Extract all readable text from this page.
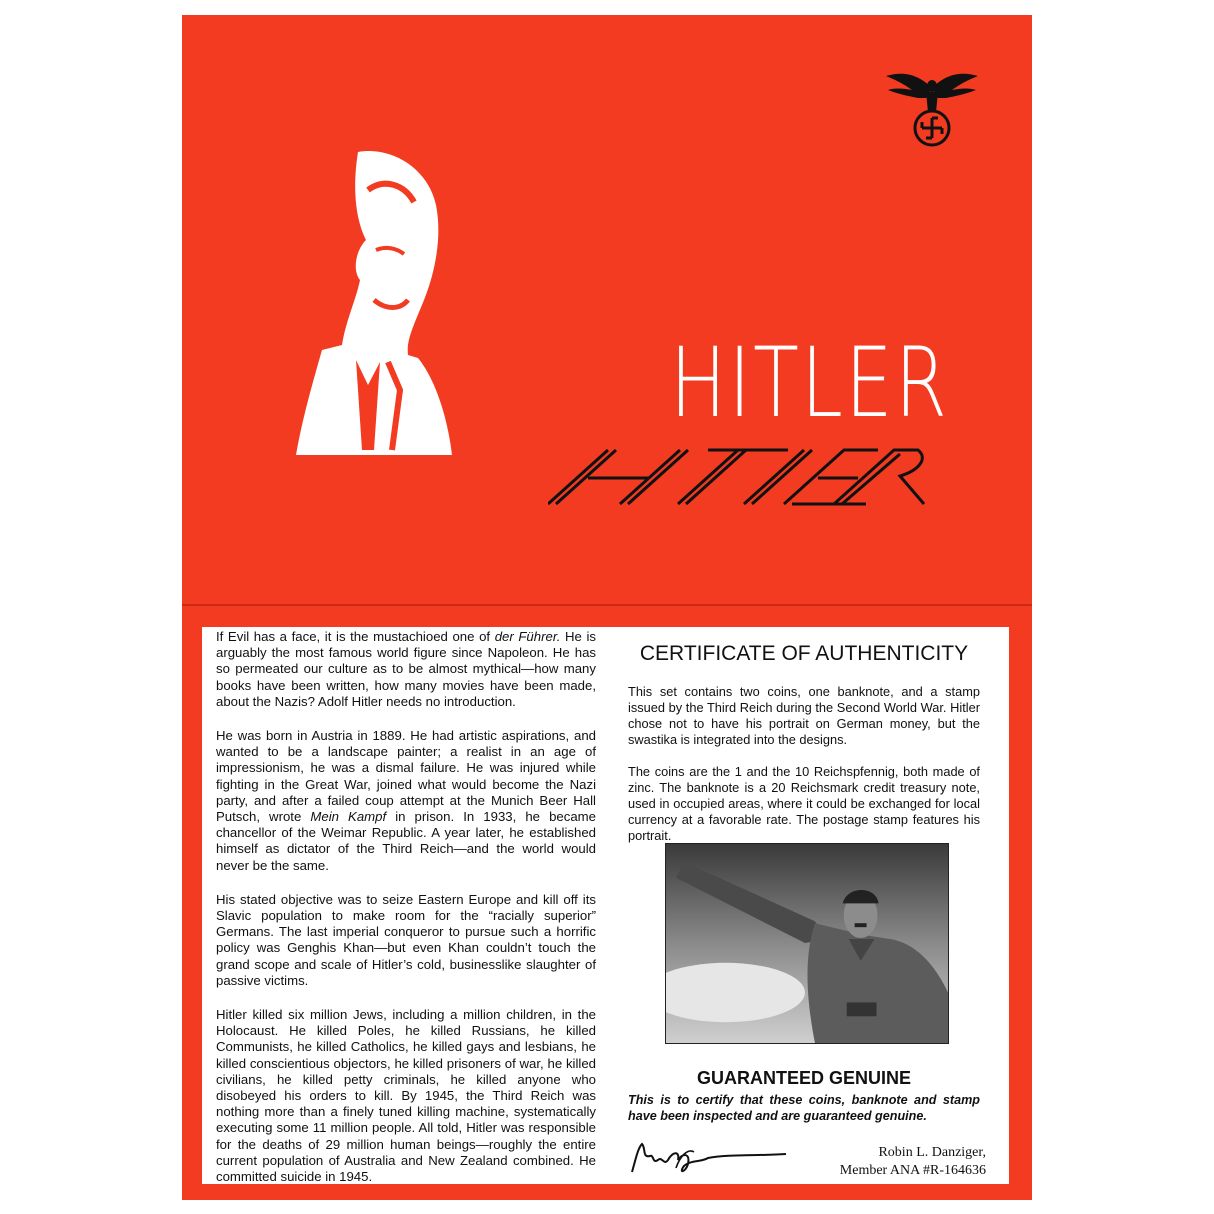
HITLER

If Evil has a face, it is the mustachioed one of der Führer. He is arguably the most famous world figure since Napoleon. He has so permeated our culture as to be almost mythical—how many books have been written, how many movies have been made, about the Nazis? Adolf Hitler needs no introduction.

He was born in Austria in 1889. He had artistic aspirations, and wanted to be a landscape painter; a realist in an age of impressionism, he was a dismal failure. He was injured while fighting in the Great War, joined what would become the Nazi party, and after a failed coup attempt at the Munich Beer Hall Putsch, wrote Mein Kampf in prison. In 1933, he became chancellor of the Weimar Republic. A year later, he established himself as dictator of the Third Reich—and the world would never be the same.

His stated objective was to seize Eastern Europe and kill off its Slavic population to make room for the “racially superior” Germans. The last imperial conqueror to pursue such a horrific policy was Genghis Khan—but even Khan couldn’t touch the grand scope and scale of Hitler’s cold, businesslike slaughter of passive victims.

Hitler killed six million Jews, including a million children, in the Holocaust. He killed Poles, he killed Russians, he killed Communists, he killed Catholics, he killed gays and lesbians, he killed conscientious objectors, he killed prisoners of war, he killed civilians, he killed petty criminals, he killed anyone who disobeyed his orders to kill. By 1945, the Third Reich was nothing more than a finely tuned killing machine, systematically executing some 11 million people. All told, Hitler was responsible for the deaths of 29 million human beings—roughly the entire current population of Australia and New Zealand combined. He committed suicide in 1945.

CERTIFICATE OF AUTHENTICITY

This set contains two coins, one banknote, and a stamp issued by the Third Reich during the Second World War. Hitler chose not to have his portrait on German money, but the swastika is integrated into the designs.

The coins are the 1 and the 10 Reichspfennig, both made of zinc. The banknote is a 20 Reichsmark credit treasury note, used in occupied areas, where it could be exchanged for local currency at a favorable rate. The postage stamp features his portrait.

GUARANTEED GENUINE
This is to certify that these coins, banknote and stamp have been inspected and are guaranteed genuine.
Robin L. Danziger,
Member ANA #R-164636
